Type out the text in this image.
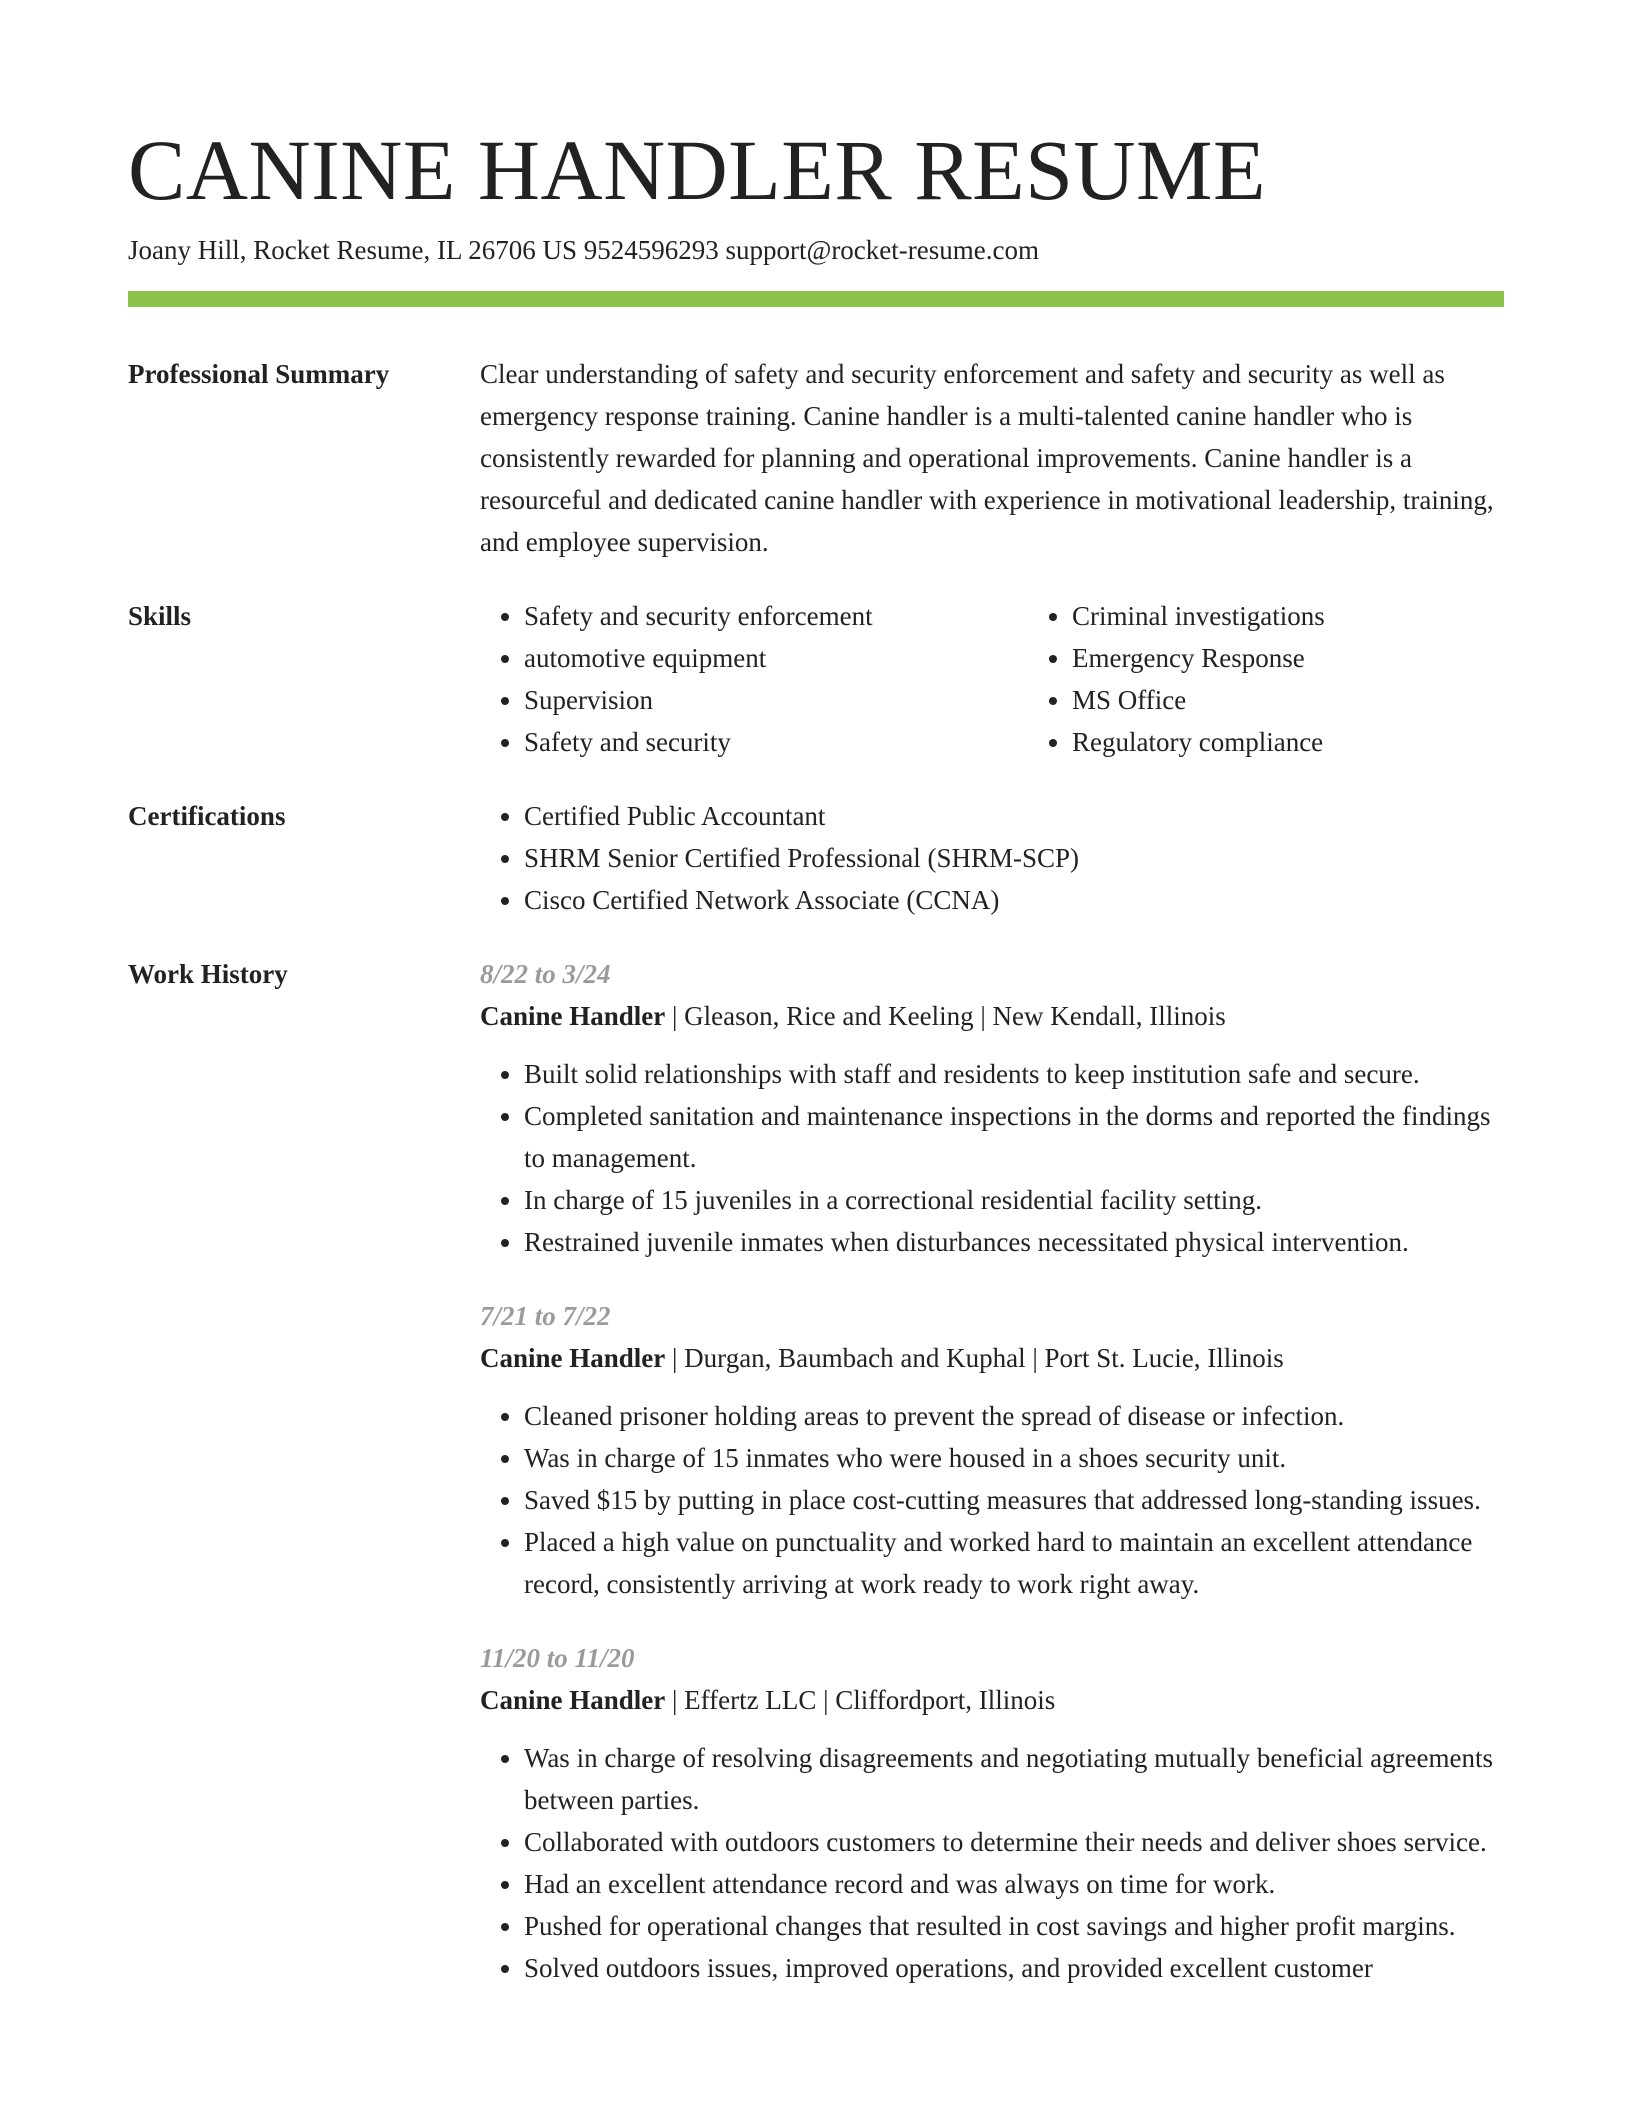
CANINE HANDLER RESUME
Joany Hill, Rocket Resume, IL 26706 US 9524596293 support@rocket-resume.com
Professional Summary	Clear understanding of safety and security enforcement and safety and security as well as emergency response training. Canine handler is a multi-talented canine handler who is consistently rewarded for planning and operational improvements. Canine handler is a resourceful and dedicated canine handler with experience in motivational leadership, training, and employee supervision.
Skills	• Safety and security enforcement
• automotive equipment
• Supervision
• Safety and security
• Criminal investigations
• Emergency Response
• MS Office
• Regulatory compliance
Certifications	• Certified Public Accountant
• SHRM Senior Certified Professional (SHRM-SCP)
• Cisco Certified Network Associate (CCNA)
Work History	8/22 to 3/24
Canine Handler | Gleason, Rice and Keeling | New Kendall, Illinois
• Built solid relationships with staff and residents to keep institution safe and secure.
• Completed sanitation and maintenance inspections in the dorms and reported the findings to management.
• In charge of 15 juveniles in a correctional residential facility setting.
• Restrained juvenile inmates when disturbances necessitated physical intervention.
7/21 to 7/22
Canine Handler | Durgan, Baumbach and Kuphal | Port St. Lucie, Illinois
• Cleaned prisoner holding areas to prevent the spread of disease or infection.
• Was in charge of 15 inmates who were housed in a shoes security unit.
• Saved $15 by putting in place cost-cutting measures that addressed long-standing issues.
• Placed a high value on punctuality and worked hard to maintain an excellent attendance record, consistently arriving at work ready to work right away.
11/20 to 11/20
Canine Handler | Effertz LLC | Cliffordport, Illinois
• Was in charge of resolving disagreements and negotiating mutually beneficial agreements between parties.
• Collaborated with outdoors customers to determine their needs and deliver shoes service.
• Had an excellent attendance record and was always on time for work.
• Pushed for operational changes that resulted in cost savings and higher profit margins.
• Solved outdoors issues, improved operations, and provided excellent customer
